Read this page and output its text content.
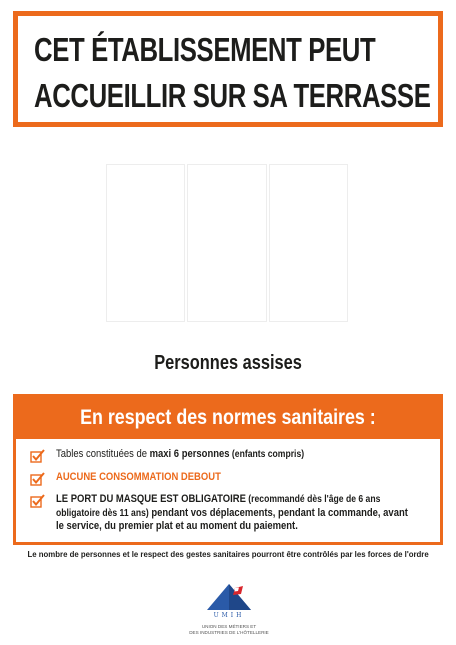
CET ÉTABLISSEMENT PEUT
ACCUEILLIR SUR SA TERRASSE
Personnes assises
En respect des normes sanitaires :
Tables constituées de maxi 6 personnes (enfants compris)
AUCUNE CONSOMMATION DEBOUT
LE PORT DU MASQUE EST OBLIGATOIRE (recommandé dès l'âge de 6 ans
obligatoire dès 11 ans) pendant vos déplacements, pendant la commande, avant
le service, du premier plat et au moment du paiement.
Le nombre de personnes et le respect des gestes sanitaires pourront être contrôlés par les forces de l'ordre
UMIH
UNION DES MÉTIERS ET
DES INDUSTRIES DE L'HÔTELLERIE
